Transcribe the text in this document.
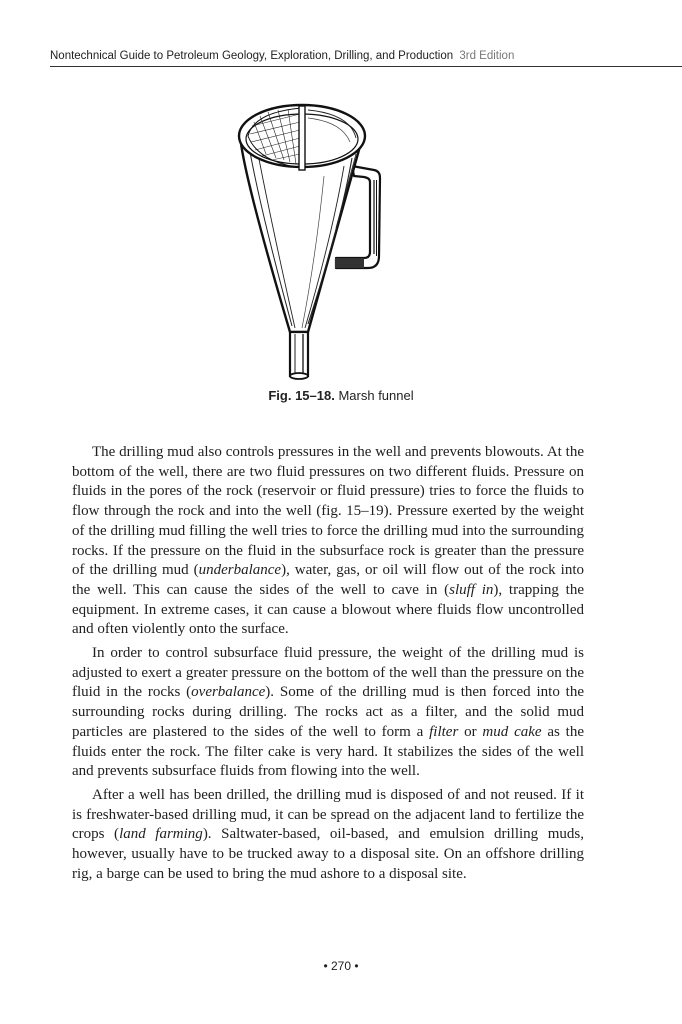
Nontechnical Guide to Petroleum Geology, Exploration, Drilling, and Production 3rd Edition
Fig. 15–18. Marsh funnel

The drilling mud also controls pressures in the well and prevents blowouts. At the bottom of the well, there are two fluid pressures on two different fluids. Pressure on fluids in the pores of the rock (reservoir or fluid pressure) tries to force the fluids to flow through the rock and into the well (fig. 15–19). Pressure exerted by the weight of the drilling mud filling the well tries to force the drilling mud into the surrounding rocks. If the pressure on the fluid in the subsurface rock is greater than the pressure of the drilling mud (underbalance), water, gas, or oil will flow out of the rock into the well. This can cause the sides of the well to cave in (sluff in), trapping the equipment. In extreme cases, it can cause a blowout where fluids flow uncontrolled and often violently onto the surface.

In order to control subsurface fluid pressure, the weight of the drilling mud is adjusted to exert a greater pressure on the bottom of the well than the pressure on the fluid in the rocks (overbalance). Some of the drilling mud is then forced into the surrounding rocks during drilling. The rocks act as a filter, and the solid mud particles are plastered to the sides of the well to form a filter or mud cake as the fluids enter the rock. The filter cake is very hard. It stabilizes the sides of the well and prevents subsurface fluids from flowing into the well.

After a well has been drilled, the drilling mud is disposed of and not reused. If it is freshwater-based drilling mud, it can be spread on the adjacent land to fertilize the crops (land farming). Saltwater-based, oil-based, and emulsion drilling muds, however, usually have to be trucked away to a disposal site. On an offshore drilling rig, a barge can be used to bring the mud ashore to a disposal site.

• 270 •
